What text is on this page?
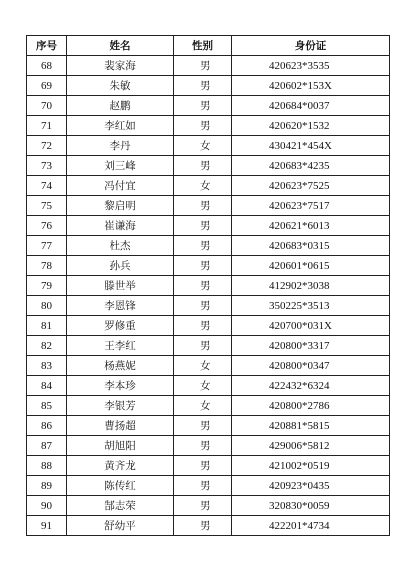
序号	姓名	性别	身份证
68	裴家海	男	420623*3535
69	朱敏	男	420602*153X
70	赵鹏	男	420684*0037
71	李红如	男	420620*1532
72	李丹	女	430421*454X
73	刘三峰	男	420683*4235
74	冯付宜	女	420623*7525
75	黎启明	男	420623*7517
76	崔谦海	男	420621*6013
77	杜杰	男	420683*0315
78	孙兵	男	420601*0615
79	滕世举	男	412902*3038
80	李恩锋	男	350225*3513
81	罗修重	男	420700*031X
82	王李红	男	420800*3317
83	杨燕妮	女	420800*0347
84	李本珍	女	422432*6324
85	李银芳	女	420800*2786
86	曹扬超	男	420881*5815
87	胡旭阳	男	429006*5812
88	黄齐龙	男	421002*0519
89	陈传红	男	420923*0435
90	郜志荣	男	320830*0059
91	舒幼平	男	422201*4734
